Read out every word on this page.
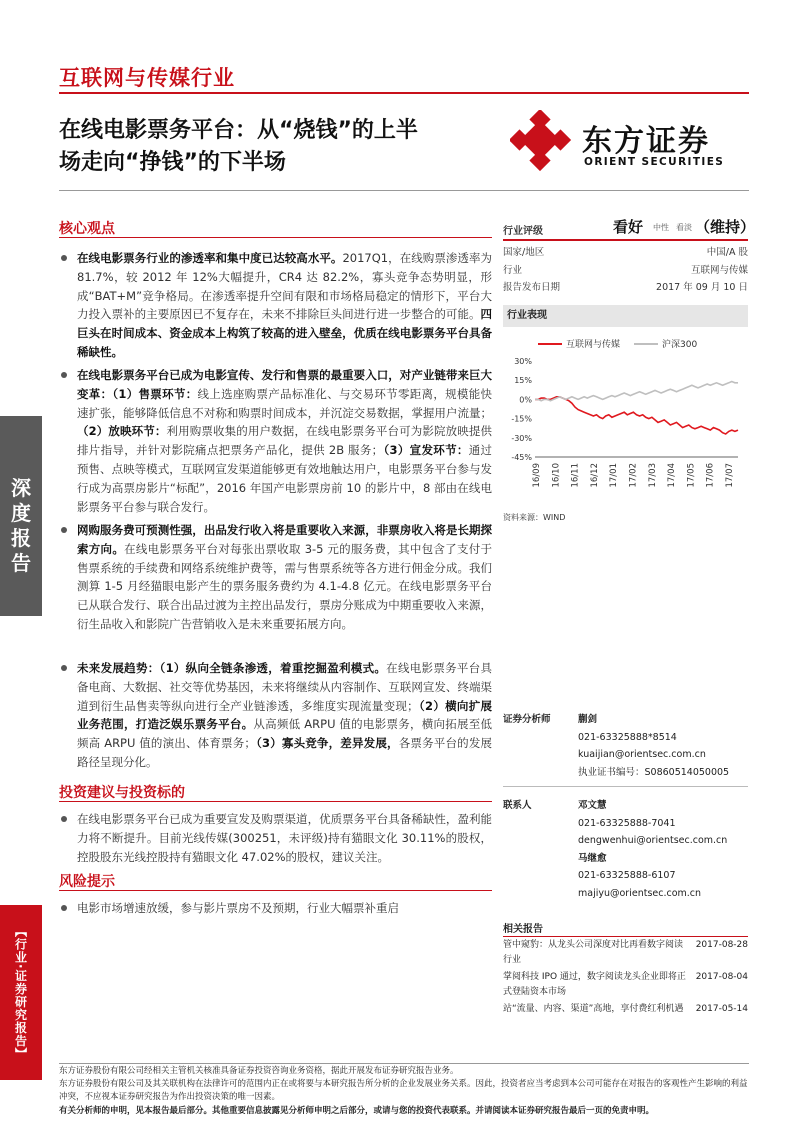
深
度
报
告
【行业·证券研究报告】
互联网与传媒行业
在线电影票务平台：从“烧钱”的上半
场走向“挣钱”的下半场
东方证券
ORIENT SECURITIES
核心观点

在线电影票务行业的渗透率和集中度已达较高水平。2017Q1，在线购票渗透率为 81.7%，较 2012 年 12%大幅提升，CR4 达 82.2%，寡头竞争态势明显，形成“BAT+M”竞争格局。在渗透率提升空间有限和市场格局稳定的情形下，平台大力投入票补的主要原因已不复存在，未来不排除巨头间进行进一步整合的可能。四巨头在时间成本、资金成本上构筑了较高的进入壁垒，优质在线电影票务平台具备稀缺性。

在线电影票务平台已成为电影宣传、发行和售票的最重要入口，对产业链带来巨大变革：（1）售票环节：线上选座购票产品标准化、与交易环节零距离，规模能快速扩张，能够降低信息不对称和购票时间成本，并沉淀交易数据，掌握用户流量；（2）放映环节：利用购票收集的用户数据，在线电影票务平台可为影院放映提供排片指导，并针对影院痛点把票务产品化，提供 2B 服务；（3）宣发环节：通过预售、点映等模式，互联网宣发渠道能够更有效地触达用户，电影票务平台参与发行成为高票房影片“标配”，2016 年国产电影票房前 10 的影片中，8 部由在线电影票务平台参与联合发行。

网购服务费可预测性强，出品发行收入将是重要收入来源，非票房收入将是长期探索方向。在线电影票务平台对每张出票收取 3-5 元的服务费，其中包含了支付于售票系统的手续费和网络系统维护费等，需与售票系统等各方进行佣金分成。我们测算 1-5 月经猫眼电影产生的票务服务费约为 4.1-4.8 亿元。在线电影票务平台已从联合发行、联合出品过渡为主控出品发行，票房分账成为中期重要收入来源，衍生品收入和影院广告营销收入是未来重要拓展方向。

未来发展趋势：（1）纵向全链条渗透，着重挖掘盈利模式。在线电影票务平台具备电商、大数据、社交等优势基因，未来将继续从内容制作、互联网宣发、终端渠道到衍生品售卖等纵向进行全产业链渗透，多维度实现流量变现；（2）横向扩展业务范围，打造泛娱乐票务平台。从高频低 ARPU 值的电影票务，横向拓展至低频高 ARPU 值的演出、体育票务；（3）寡头竞争，差异发展，各票务平台的发展路径呈现分化。

投资建议与投资标的

在线电影票务平台已成为重要宣发及购票渠道，优质票务平台具备稀缺性，盈利能力将不断提升。目前光线传媒(300251，未评级)持有猫眼文化 30.11%的股权，控股股东光线控股持有猫眼文化 47.02%的股权，建议关注。

风险提示

电影市场增速放缓，参与影片票房不及预期，行业大幅票补重启

行业评级	看好 中性 看淡 （维持）
国家/地区	中国/A 股
行业	互联网与传媒
报告发布日期	2017 年 09 月 10 日
行业表现
互联网与传媒	沪深300
30%
15%
0%
-15%
-30%
-45%
16/09 16/10 16/11 16/12 17/01 17/02 17/03 17/04 17/05 17/06 17/07
资料来源：WIND
证券分析师	蒯剑
021-63325888*8514
kuaijian@orientsec.com.cn
执业证书编号：S0860514050005
联系人	邓文慧
021-63325888-7041
dengwenhui@orientsec.com.cn
马继愈
021-63325888-6107
majiyu@orientsec.com.cn
相关报告
管中窥豹：从龙头公司深度对比再看数字阅读行业
2017-08-28
掌阅科技 IPO 通过，数字阅读龙头企业即将正式登陆资本市场
2017-08-04
站“流量、内容、渠道”高地，享付费红利机遇	2017-05-14
东方证券股份有限公司经相关主管机关核准具备证券投资咨询业务资格，据此开展发布证券研究报告业务。
东方证券股份有限公司及其关联机构在法律许可的范围内正在或将要与本研究报告所分析的企业发展业务关系。因此，投资者应当考虑到本公司可能存在对报告的客观性产生影响的利益冲突，不应视本证券研究报告为作出投资决策的唯一因素。
有关分析师的申明，见本报告最后部分。其他重要信息披露见分析师申明之后部分，或请与您的投资代表联系。并请阅读本证券研究报告最后一页的免责申明。
